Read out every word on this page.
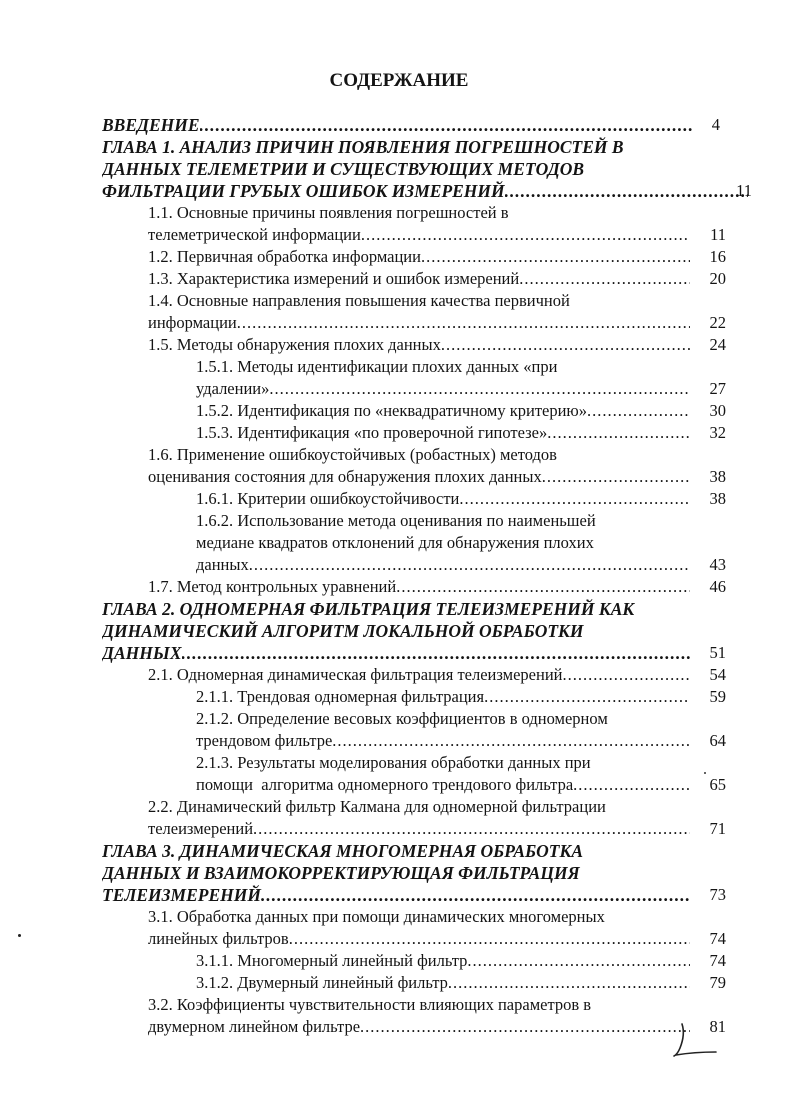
СОДЕРЖАНИЕ
ВВЕДЕНИЕ .....	4
ГЛАВА 1. АНАЛИЗ ПРИЧИН ПОЯВЛЕНИЯ ПОГРЕШНОСТЕЙ В
ДАННЫХ ТЕЛЕМЕТРИИ И СУЩЕСТВУЮЩИХ МЕТОДОВ
ФИЛЬТРАЦИИ ГРУБЫХ ОШИБОК ИЗМЕРЕНИЙ .....	11
1.1. Основные причины появления погрешностей в
телеметрической информации .....	11
1.2. Первичная обработка информации .....	16
1.3. Характеристика измерений и ошибок измерений .....	20
1.4. Основные направления повышения качества первичной
информации .....	22
1.5. Методы обнаружения плохих данных .....	24
1.5.1. Методы идентификации плохих данных «при
удалении» .....	27
1.5.2. Идентификация по «неквадратичному критерию» .....	30
1.5.3. Идентификация «по проверочной гипотезе» .....	32
1.6. Применение ошибкоустойчивых (робастных) методов
оценивания состояния для обнаружения плохих данных .....	38
1.6.1. Критерии ошибкоустойчивости .....	38
1.6.2. Использование метода оценивания по наименьшей
медиане квадратов отклонений для обнаружения плохих
данных .....	43
1.7. Метод контрольных уравнений .....	46
ГЛАВА 2. ОДНОМЕРНАЯ ФИЛЬТРАЦИЯ ТЕЛЕИЗМЕРЕНИЙ КАК
ДИНАМИЧЕСКИЙ АЛГОРИТМ ЛОКАЛЬНОЙ ОБРАБОТКИ
ДАННЫХ .....	51
2.1. Одномерная динамическая фильтрация телеизмерений .....	54
2.1.1. Трендовая одномерная фильтрация .....	59
2.1.2. Определение весовых коэффициентов в одномерном
трендовом фильтре .....	64
2.1.3. Результаты моделирования обработки данных при
помощи  алгоритма одномерного трендового фильтра .....	65
2.2. Динамический фильтр Калмана для одномерной фильтрации
телеизмерений .....	71
ГЛАВА 3. ДИНАМИЧЕСКАЯ МНОГОМЕРНАЯ ОБРАБОТКА
ДАННЫХ И ВЗАИМОКОРРЕКТИРУЮЩАЯ ФИЛЬТРАЦИЯ
ТЕЛЕИЗМЕРЕНИЙ .....	73
3.1. Обработка данных при помощи динамических многомерных
линейных фильтров .....	74
3.1.1. Многомерный линейный фильтр .....	74
3.1.2. Двумерный линейный фильтр .....	79
3.2. Коэффициенты чувствительности влияющих параметров в
двумерном линейном фильтре .....	81
